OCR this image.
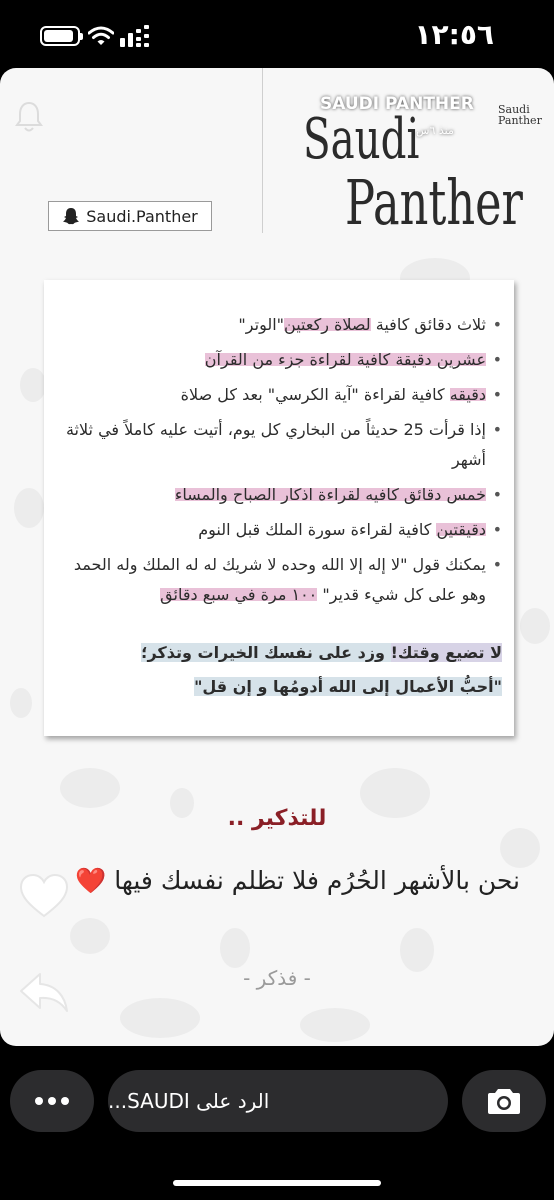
١٢:٥٦
Saudi.Panther
Saudi
Panther
Saudi
Panther
SAUDI PANTHER
منذ ٦س
• ثلاث دقائق كافية لصلاة ركعتين"الوتر"
• عشرين دقيقة كافية لقراءة جزء من القرآن
• دقيقه كافية لقراءة "آية الكرسي" بعد كل صلاة
• إذا قرأت 25 حديثاً من البخاري كل يوم، أتيت عليه كاملاً في ثلاثة أشهر
• خمس دقائق كافيه لقراءة اذكار الصباح والمساء
• دقيقتين كافية لقراءة سورة الملك قبل النوم
• يمكنك قول "لا إله إلا الله وحده لا شريك له له الملك وله الحمد وهو على كل شيء قدير" ١٠٠ مرة في سبع دقائق
لا تضيع وقتك! وزد على نفسك الخيرات وتذكر؛
"أحبُّ الأعمال إلى الله أدومُها و إن قل"
للتذكير ..
نحن بالأشهر الحُرُم فلا تظلم نفسك فيها ❤️
- فذكر -
الرد على SAUDI...
